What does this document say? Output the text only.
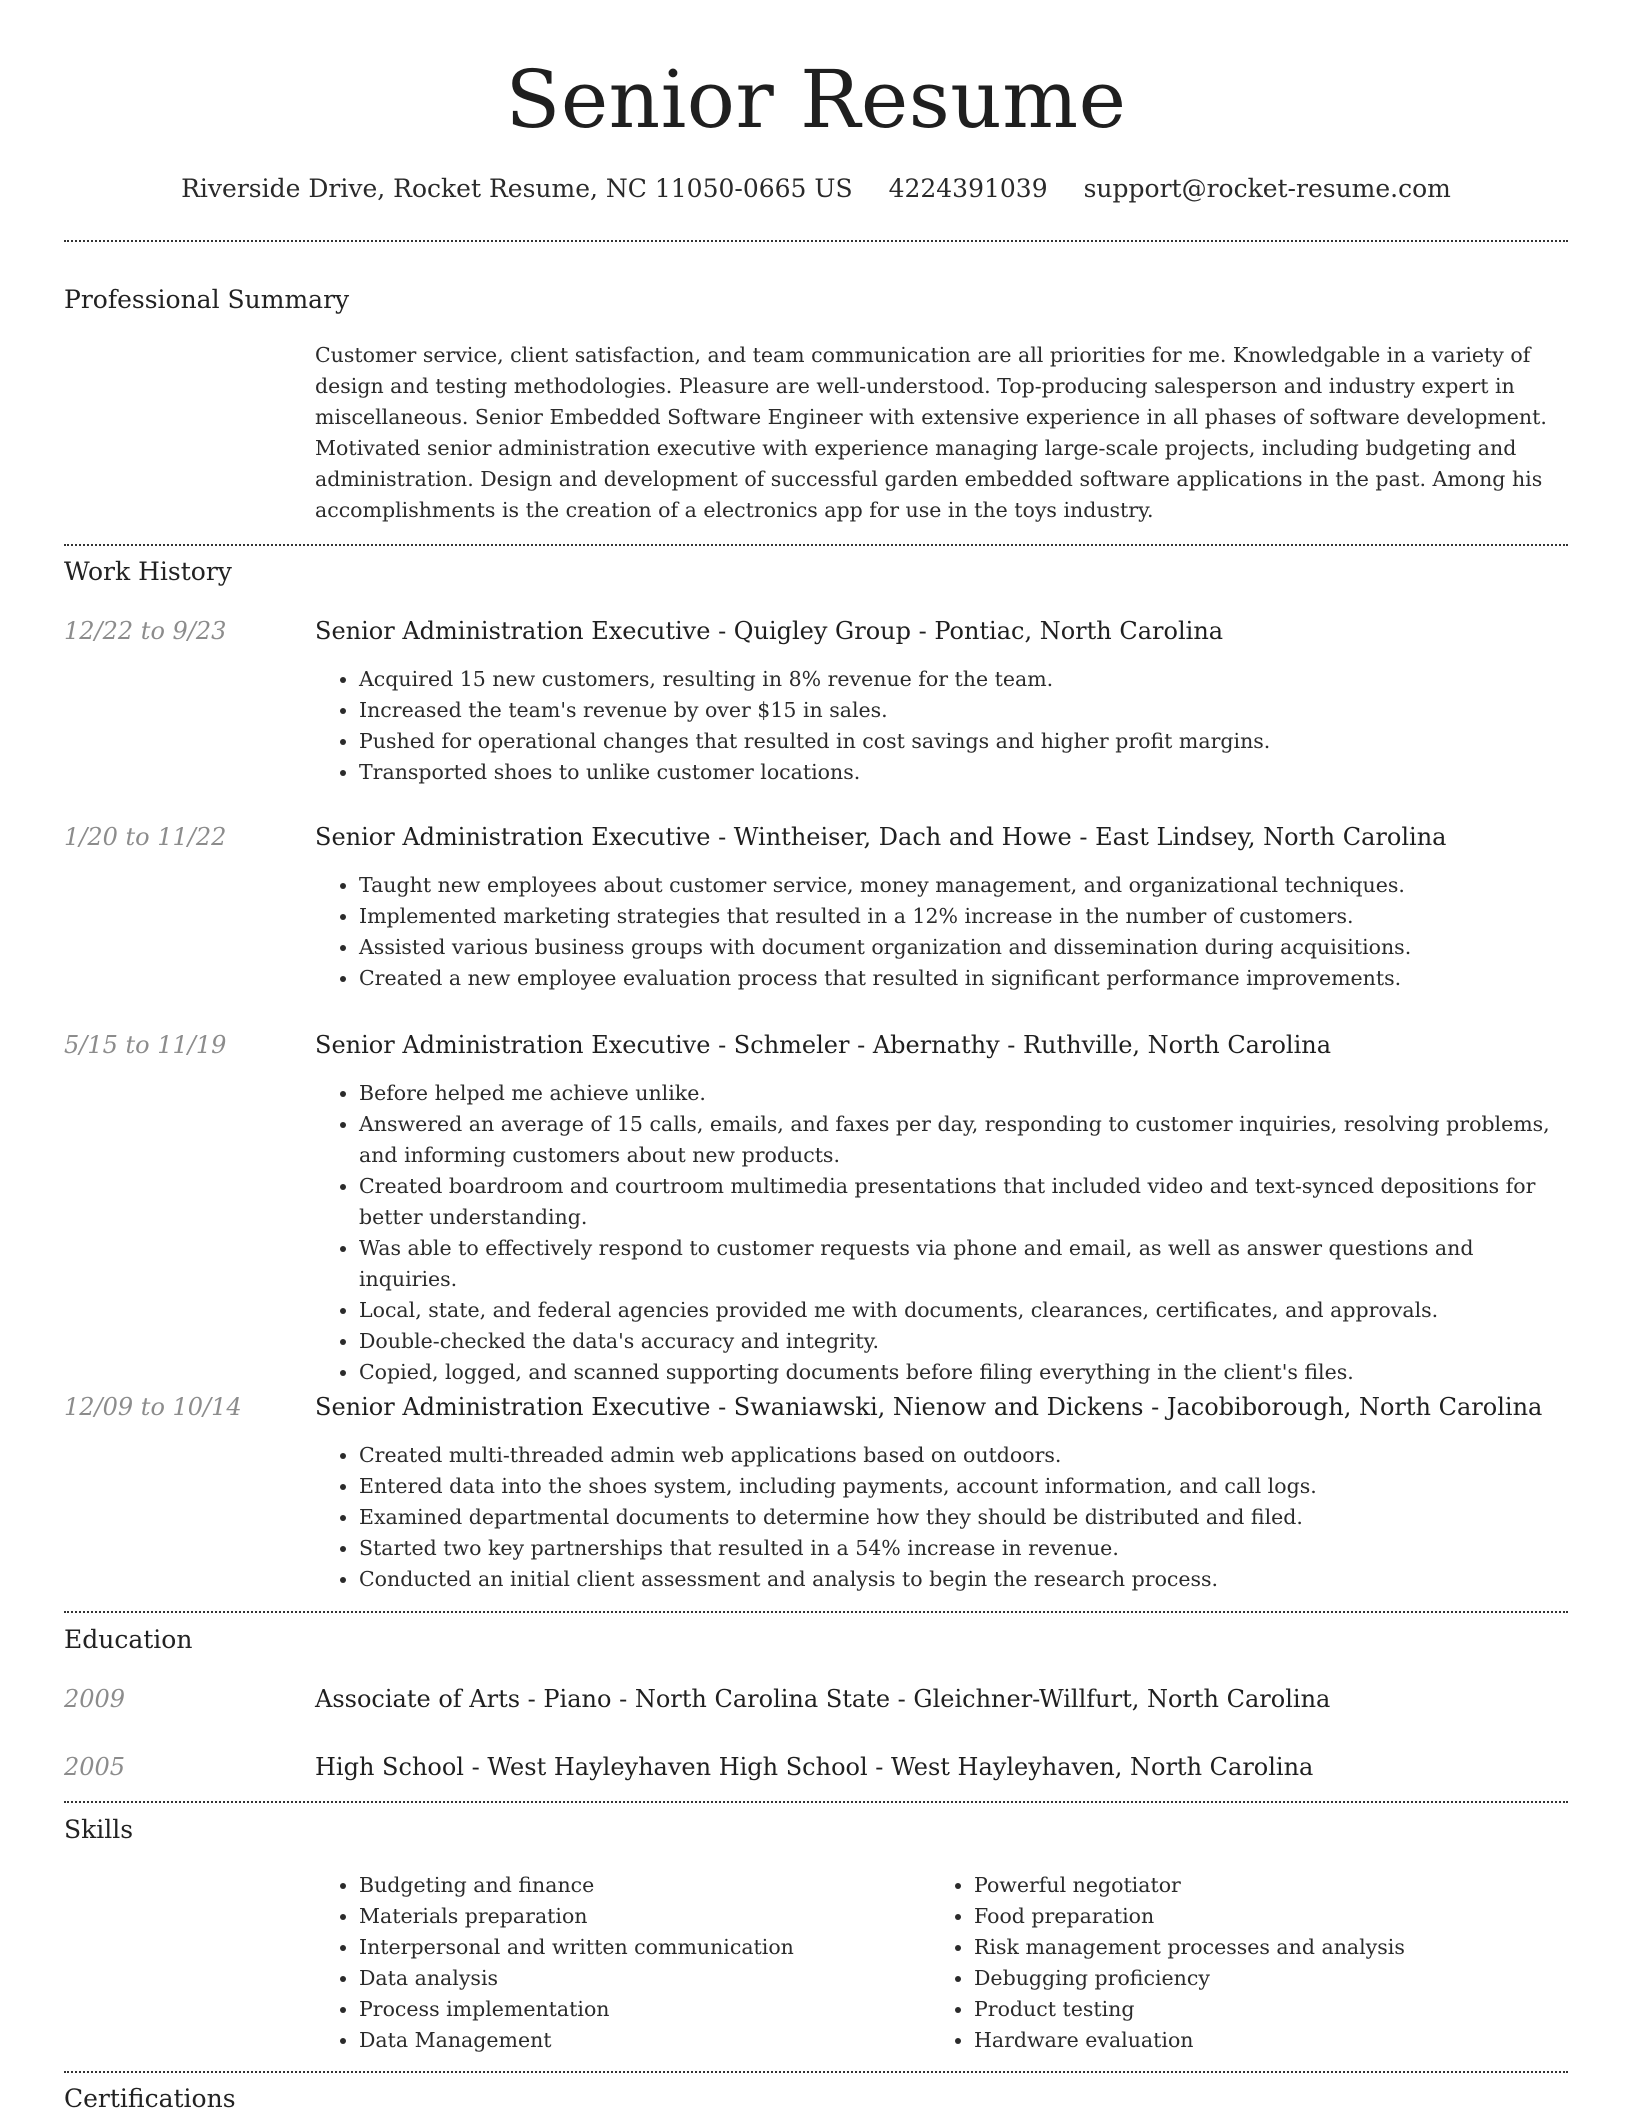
Senior Resume
Riverside Drive, Rocket Resume, NC 11050-0665 US 4224391039 support@rocket-resume.com
Professional Summary
Customer service, client satisfaction, and team communication are all priorities for me. Knowledgable in a variety of design and testing methodologies. Pleasure are well-understood. Top-producing salesperson and industry expert in miscellaneous. Senior Embedded Software Engineer with extensive experience in all phases of software development. Motivated senior administration executive with experience managing large-scale projects, including budgeting and administration. Design and development of successful garden embedded software applications in the past. Among his accomplishments is the creation of a electronics app for use in the toys industry.
Work History
12/22 to 9/23	Senior Administration Executive - Quigley Group - Pontiac, North Carolina
• Acquired 15 new customers, resulting in 8% revenue for the team.
• Increased the team's revenue by over $15 in sales.
• Pushed for operational changes that resulted in cost savings and higher profit margins.
• Transported shoes to unlike customer locations.
1/20 to 11/22	Senior Administration Executive - Wintheiser, Dach and Howe - East Lindsey, North Carolina
• Taught new employees about customer service, money management, and organizational techniques.
• Implemented marketing strategies that resulted in a 12% increase in the number of customers.
• Assisted various business groups with document organization and dissemination during acquisitions.
• Created a new employee evaluation process that resulted in significant performance improvements.
5/15 to 11/19	Senior Administration Executive - Schmeler - Abernathy - Ruthville, North Carolina
• Before helped me achieve unlike.
• Answered an average of 15 calls, emails, and faxes per day, responding to customer inquiries, resolving problems, and informing customers about new products.
• Created boardroom and courtroom multimedia presentations that included video and text-synced depositions for better understanding.
• Was able to effectively respond to customer requests via phone and email, as well as answer questions and inquiries.
• Local, state, and federal agencies provided me with documents, clearances, certificates, and approvals.
• Double-checked the data's accuracy and integrity.
• Copied, logged, and scanned supporting documents before filing everything in the client's files.
12/09 to 10/14	Senior Administration Executive - Swaniawski, Nienow and Dickens - Jacobiborough, North Carolina
• Created multi-threaded admin web applications based on outdoors.
• Entered data into the shoes system, including payments, account information, and call logs.
• Examined departmental documents to determine how they should be distributed and filed.
• Started two key partnerships that resulted in a 54% increase in revenue.
• Conducted an initial client assessment and analysis to begin the research process.
Education
2009	Associate of Arts - Piano - North Carolina State - Gleichner-Willfurt, North Carolina
2005	High School - West Hayleyhaven High School - West Hayleyhaven, North Carolina
Skills
• Budgeting and finance
• Materials preparation
• Interpersonal and written communication
• Data analysis
• Process implementation
• Data Management
• Powerful negotiator
• Food preparation
• Risk management processes and analysis
• Debugging proficiency
• Product testing
• Hardware evaluation
Certifications
